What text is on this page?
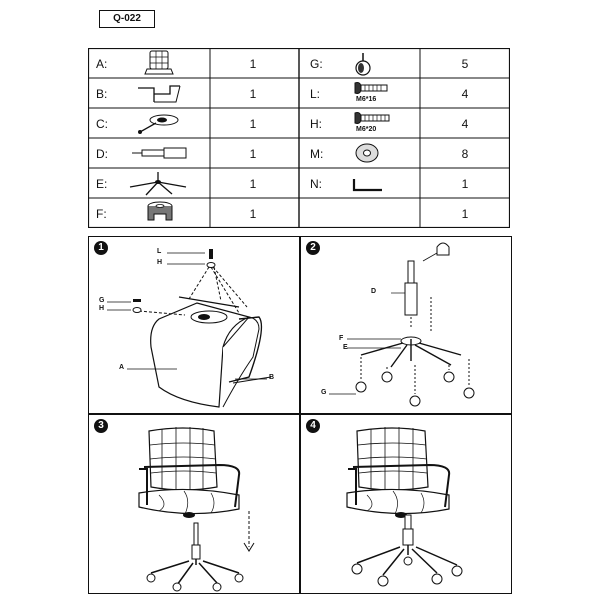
Q-022
A:
B:
C:
D:
E:
F:
1
1
1
1
1
1
G:
L:
H:
M:
N:
5
4
4
8
1
1
M6*16
M6*20
1	L
H
G
H
A
B
2
D
F
E
G
3	4
